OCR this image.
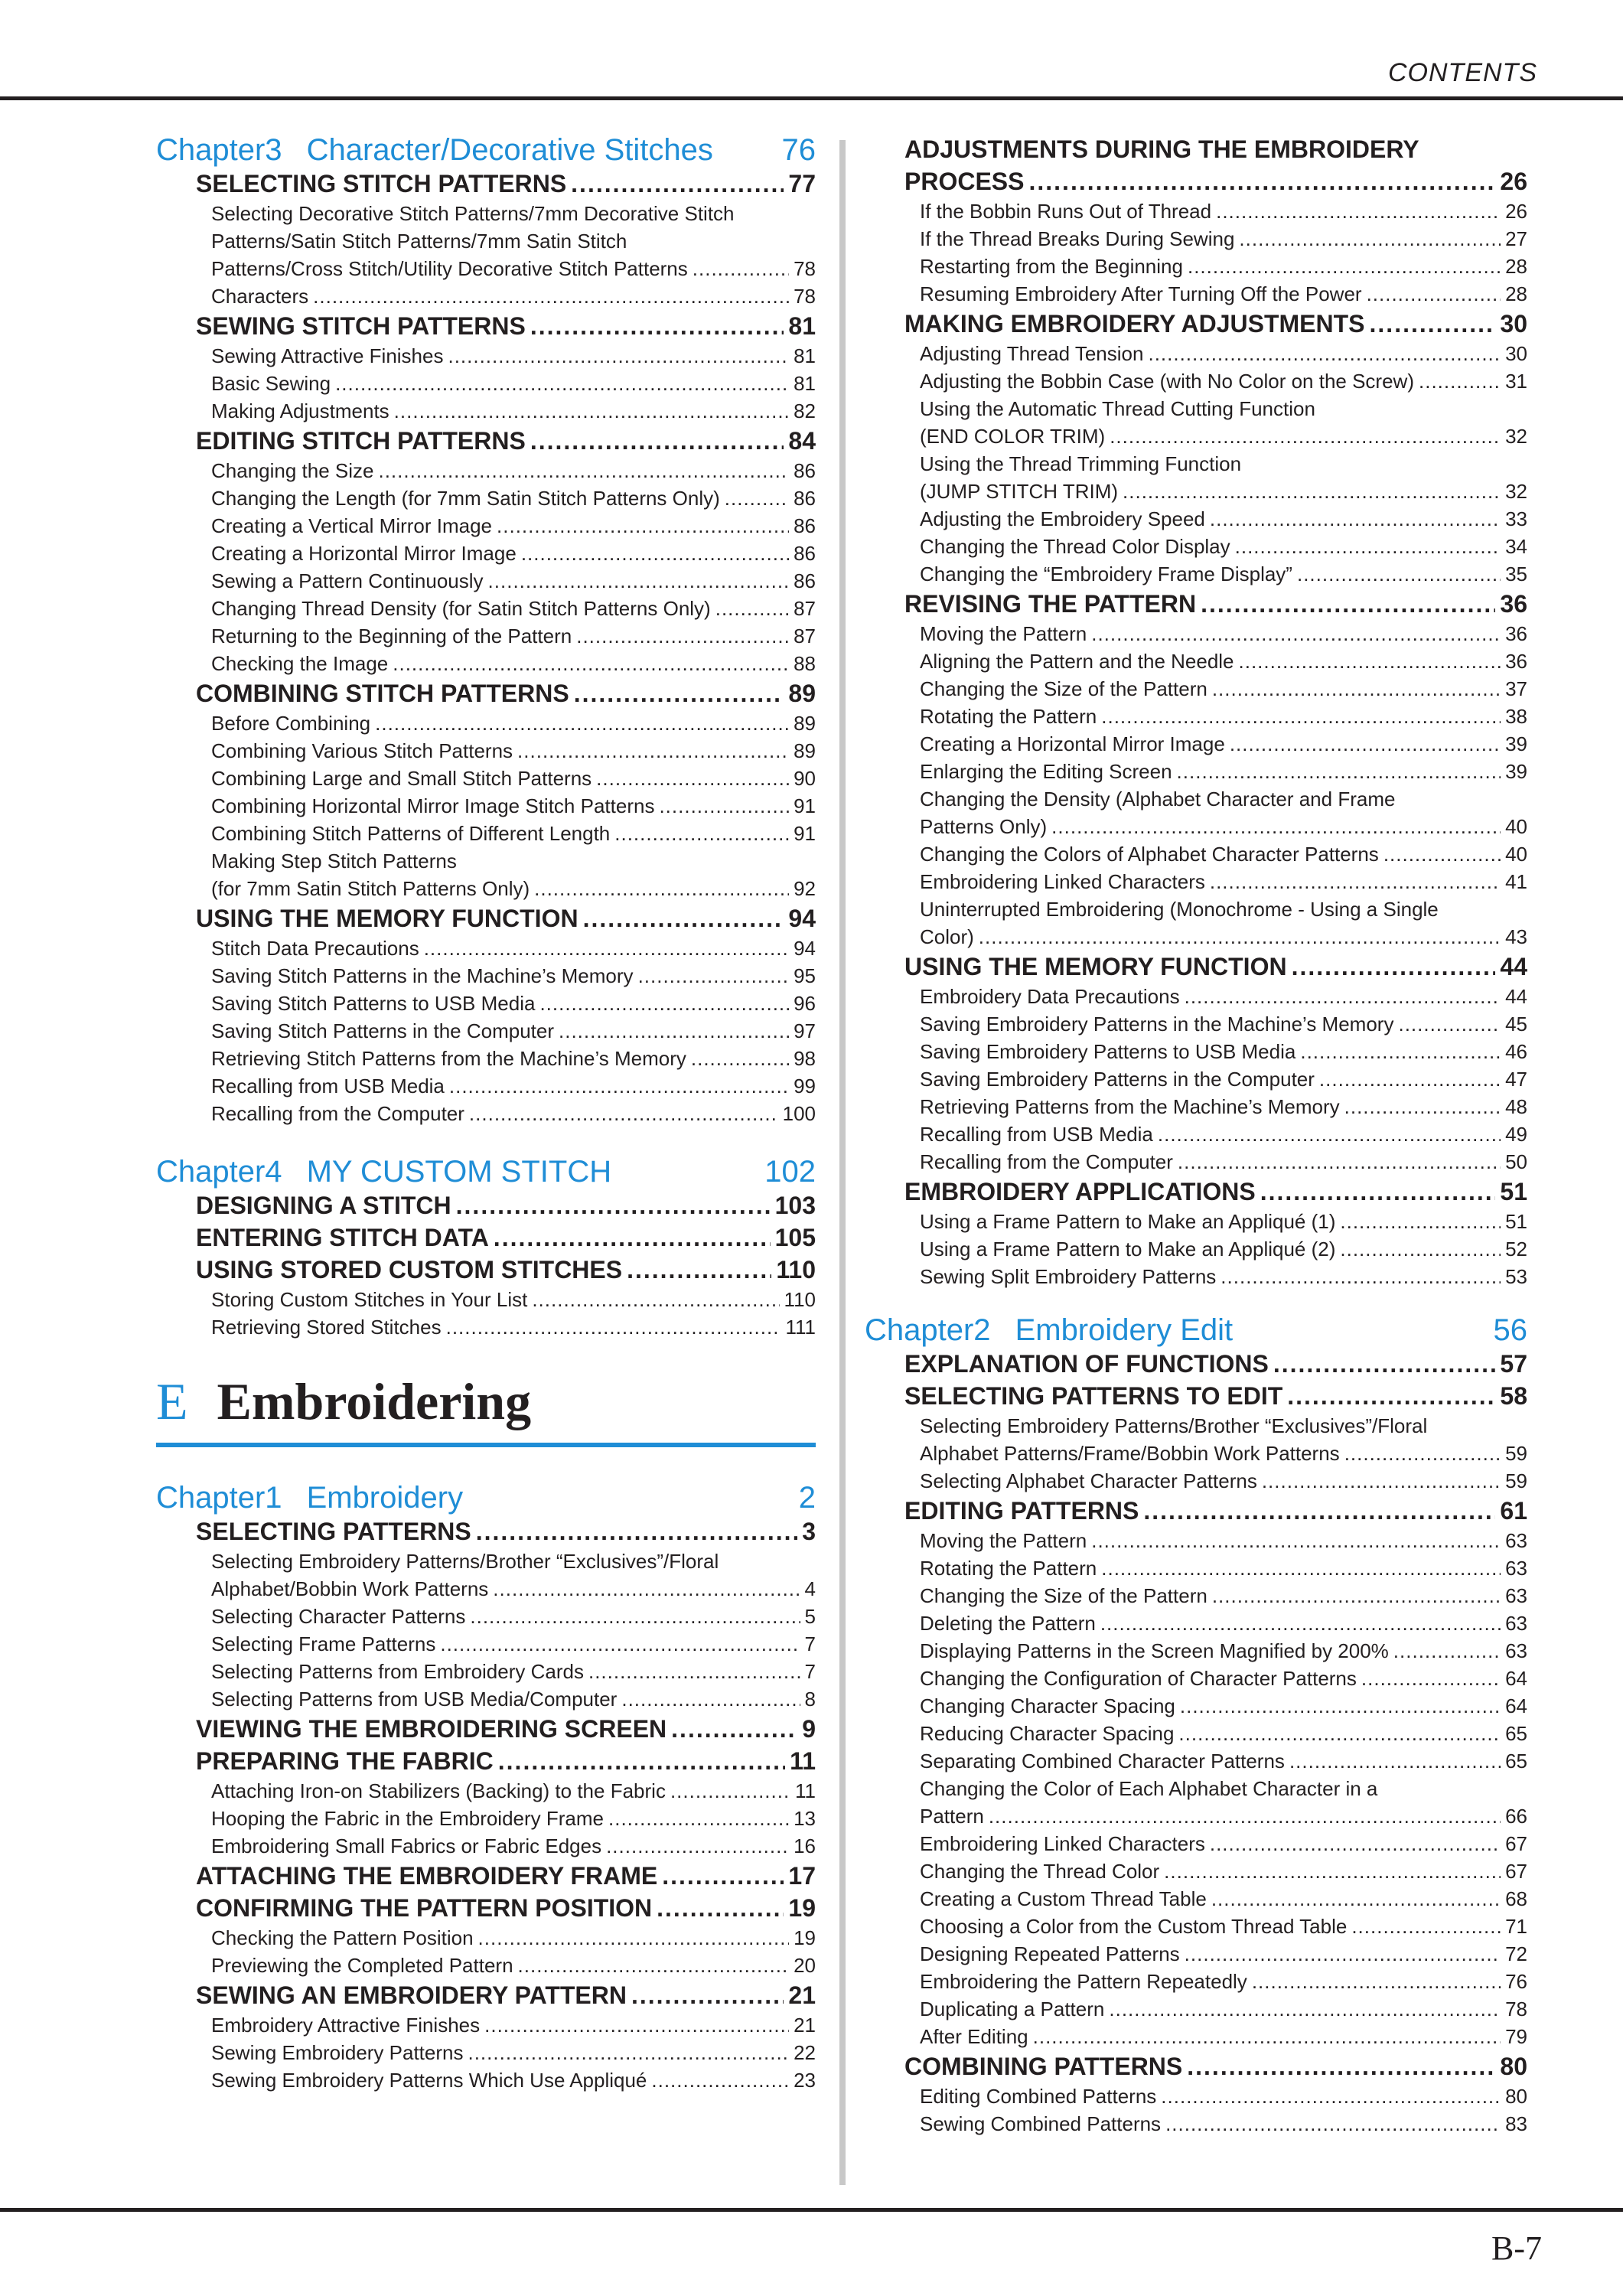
CONTENTS
Chapter3 Character/Decorative Stitches 76
SELECTING STITCH PATTERNS .....	77
Selecting Decorative Stitch Patterns/7mm Decorative Stitch
Patterns/Satin Stitch Patterns/7mm Satin Stitch
Patterns/Cross Stitch/Utility Decorative Stitch Patterns .....	78
Characters .....	78
SEWING STITCH PATTERNS .....	81
Sewing Attractive Finishes .....	81
Basic Sewing .....	81
Making Adjustments .....	82
EDITING STITCH PATTERNS .....	84
Changing the Size .....	86
Changing the Length (for 7mm Satin Stitch Patterns Only) .....	86
Creating a Vertical Mirror Image .....	86
Creating a Horizontal Mirror Image .....	86
Sewing a Pattern Continuously .....	86
Changing Thread Density (for Satin Stitch Patterns Only) .....	87
Returning to the Beginning of the Pattern .....	87
Checking the Image .....	88
COMBINING STITCH PATTERNS .....	89
Before Combining .....	89
Combining Various Stitch Patterns .....	89
Combining Large and Small Stitch Patterns .....	90
Combining Horizontal Mirror Image Stitch Patterns .....	91
Combining Stitch Patterns of Different Length .....	91
Making Step Stitch Patterns
(for 7mm Satin Stitch Patterns Only) .....	92
USING THE MEMORY FUNCTION .....	94
Stitch Data Precautions .....	94
Saving Stitch Patterns in the Machine’s Memory .....	95
Saving Stitch Patterns to USB Media .....	96
Saving Stitch Patterns in the Computer .....	97
Retrieving Stitch Patterns from the Machine’s Memory .....	98
Recalling from USB Media .....	99
Recalling from the Computer .....	100
Chapter4 MY CUSTOM STITCH	102
DESIGNING A STITCH .....	103
ENTERING STITCH DATA .....	105
USING STORED CUSTOM STITCHES .....	110
Storing Custom Stitches in Your List .....	110
Retrieving Stored Stitches .....	111
E Embroidering
Chapter1 Embroidery	2
SELECTING PATTERNS .....	3
Selecting Embroidery Patterns/Brother “Exclusives”/Floral
Alphabet/Bobbin Work Patterns .....	4
Selecting Character Patterns .....	5
Selecting Frame Patterns .....	7
Selecting Patterns from Embroidery Cards .....	7
Selecting Patterns from USB Media/Computer .....	8
VIEWING THE EMBROIDERING SCREEN .....	9
PREPARING THE FABRIC .....	11
Attaching Iron-on Stabilizers (Backing) to the Fabric .....	11
Hooping the Fabric in the Embroidery Frame .....	13
Embroidering Small Fabrics or Fabric Edges .....	16
ATTACHING THE EMBROIDERY FRAME .....	17
CONFIRMING THE PATTERN POSITION .....	19
Checking the Pattern Position .....	19
Previewing the Completed Pattern .....	20
SEWING AN EMBROIDERY PATTERN .....	21
Embroidery Attractive Finishes .....	21
Sewing Embroidery Patterns .....	22
Sewing Embroidery Patterns Which Use Appliqué .....	23
ADJUSTMENTS DURING THE EMBROIDERY
PROCESS .....	26
If the Bobbin Runs Out of Thread .....	26
If the Thread Breaks During Sewing .....	27
Restarting from the Beginning .....	28
Resuming Embroidery After Turning Off the Power .....	28
MAKING EMBROIDERY ADJUSTMENTS .....	30
Adjusting Thread Tension .....	30
Adjusting the Bobbin Case (with No Color on the Screw) .....	31
Using the Automatic Thread Cutting Function
(END COLOR TRIM) .....	32
Using the Thread Trimming Function
(JUMP STITCH TRIM) .....	32
Adjusting the Embroidery Speed .....	33
Changing the Thread Color Display .....	34
Changing the “Embroidery Frame Display” .....	35
REVISING THE PATTERN .....	36
Moving the Pattern .....	36
Aligning the Pattern and the Needle .....	36
Changing the Size of the Pattern .....	37
Rotating the Pattern .....	38
Creating a Horizontal Mirror Image .....	39
Enlarging the Editing Screen .....	39
Changing the Density (Alphabet Character and Frame
Patterns Only) .....	40
Changing the Colors of Alphabet Character Patterns .....	40
Embroidering Linked Characters .....	41
Uninterrupted Embroidering (Monochrome - Using a Single
Color) .....	43
USING THE MEMORY FUNCTION .....	44
Embroidery Data Precautions .....	44
Saving Embroidery Patterns in the Machine’s Memory .....	45
Saving Embroidery Patterns to USB Media .....	46
Saving Embroidery Patterns in the Computer .....	47
Retrieving Patterns from the Machine’s Memory .....	48
Recalling from USB Media .....	49
Recalling from the Computer .....	50
EMBROIDERY APPLICATIONS .....	51
Using a Frame Pattern to Make an Appliqué (1) .....	51
Using a Frame Pattern to Make an Appliqué (2) .....	52
Sewing Split Embroidery Patterns .....	53
Chapter2 Embroidery Edit	56
EXPLANATION OF FUNCTIONS .....	57
SELECTING PATTERNS TO EDIT .....	58
Selecting Embroidery Patterns/Brother “Exclusives”/Floral
Alphabet Patterns/Frame/Bobbin Work Patterns .....	59
Selecting Alphabet Character Patterns .....	59
EDITING PATTERNS .....	61
Moving the Pattern .....	63
Rotating the Pattern .....	63
Changing the Size of the Pattern .....	63
Deleting the Pattern .....	63
Displaying Patterns in the Screen Magnified by 200% .....	63
Changing the Configuration of Character Patterns .....	64
Changing Character Spacing .....	64
Reducing Character Spacing .....	65
Separating Combined Character Patterns .....	65
Changing the Color of Each Alphabet Character in a
Pattern .....	66
Embroidering Linked Characters .....	67
Changing the Thread Color .....	67
Creating a Custom Thread Table .....	68
Choosing a Color from the Custom Thread Table .....	71
Designing Repeated Patterns .....	72
Embroidering the Pattern Repeatedly .....	76
Duplicating a Pattern .....	78
After Editing .....	79
COMBINING PATTERNS .....	80
Editing Combined Patterns .....	80
Sewing Combined Patterns .....	83
B-7
